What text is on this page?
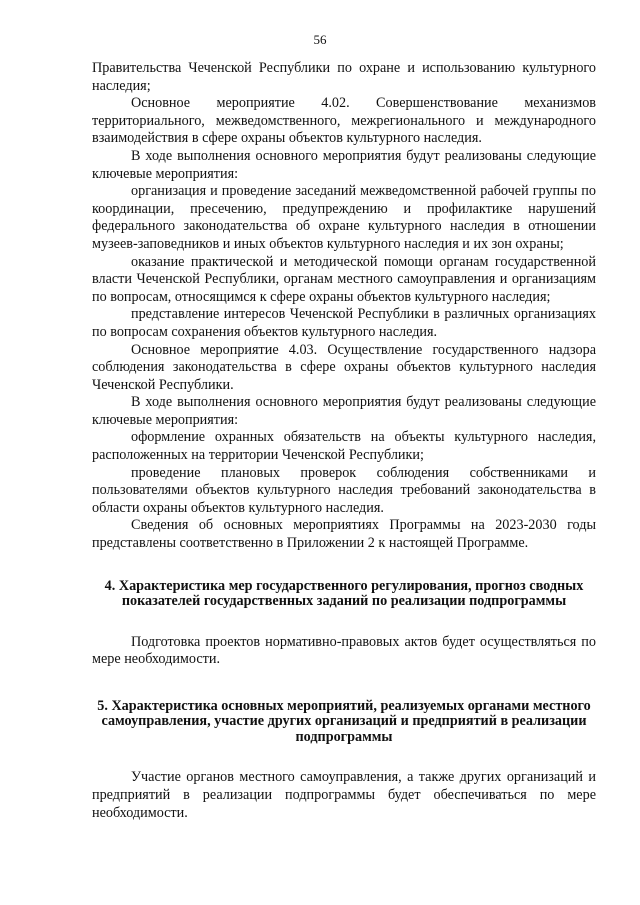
56

Правительства Чеченской Республики по охране и использованию культурного наследия;

Основное мероприятие 4.02. Совершенствование механизмов территориального, межведомственного, межрегионального и международного взаимодействия в сфере охраны объектов культурного наследия.

В ходе выполнения основного мероприятия будут реализованы следующие ключевые мероприятия:

организация и проведение заседаний межведомственной рабочей группы по координации, пресечению, предупреждению и профилактике нарушений федерального законодательства об охране культурного наследия в отношении музеев-заповедников и иных объектов культурного наследия и их зон охраны;

оказание практической и методической помощи органам государственной власти Чеченской Республики, органам местного самоуправления и организациям по вопросам, относящимся к сфере охраны объектов культурного наследия;

представление интересов Чеченской Республики в различных организациях по вопросам сохранения объектов культурного наследия.

Основное мероприятие 4.03. Осуществление государственного надзора соблюдения законодательства в сфере охраны объектов культурного наследия Чеченской Республики.

В ходе выполнения основного мероприятия будут реализованы следующие ключевые мероприятия:

оформление охранных обязательств на объекты культурного наследия, расположенных на территории Чеченской Республики;

проведение плановых проверок соблюдения собственниками и пользователями объектов культурного наследия требований законодательства в области охраны объектов культурного наследия.

Сведения об основных мероприятиях Программы на 2023-2030 годы представлены соответственно в Приложении 2 к настоящей Программе.

4. Характеристика мер государственного регулирования, прогноз сводных показателей государственных заданий по реализации подпрограммы

Подготовка проектов нормативно-правовых актов будет осуществляться по мере необходимости.

5. Характеристика основных мероприятий, реализуемых органами местного самоуправления, участие других организаций и предприятий в реализации подпрограммы

Участие органов местного самоуправления, а также других организаций и предприятий в реализации подпрограммы будет обеспечиваться по мере необходимости.
